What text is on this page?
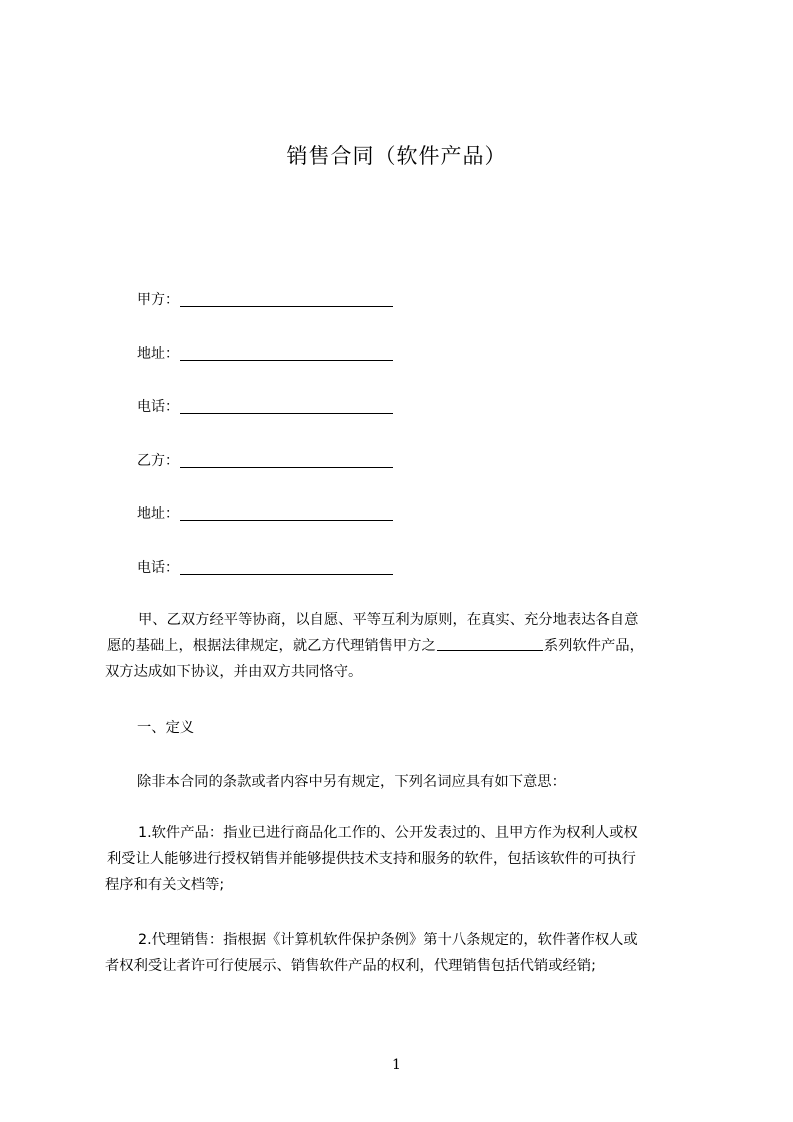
销售合同（软件产品）
甲方：
地址：
电话：
乙方：
地址：
电话：
甲、乙双方经平等协商，以自愿、平等互利为原则，在真实、充分地表达各自意
愿的基础上，根据法律规定，就乙方代理销售甲方之	系列软件产品，
双方达成如下协议，并由双方共同恪守。
一、定义
除非本合同的条款或者内容中另有规定，下列名词应具有如下意思：
1.软件产品：指业已进行商品化工作的、公开发表过的、且甲方作为权利人或权
利受让人能够进行授权销售并能够提供技术支持和服务的软件，包括该软件的可执行
程序和有关文档等;
2.代理销售：指根据《计算机软件保护条例》第十八条规定的，软件著作权人或
者权利受让者许可行使展示、销售软件产品的权利，代理销售包括代销或经销;
1
